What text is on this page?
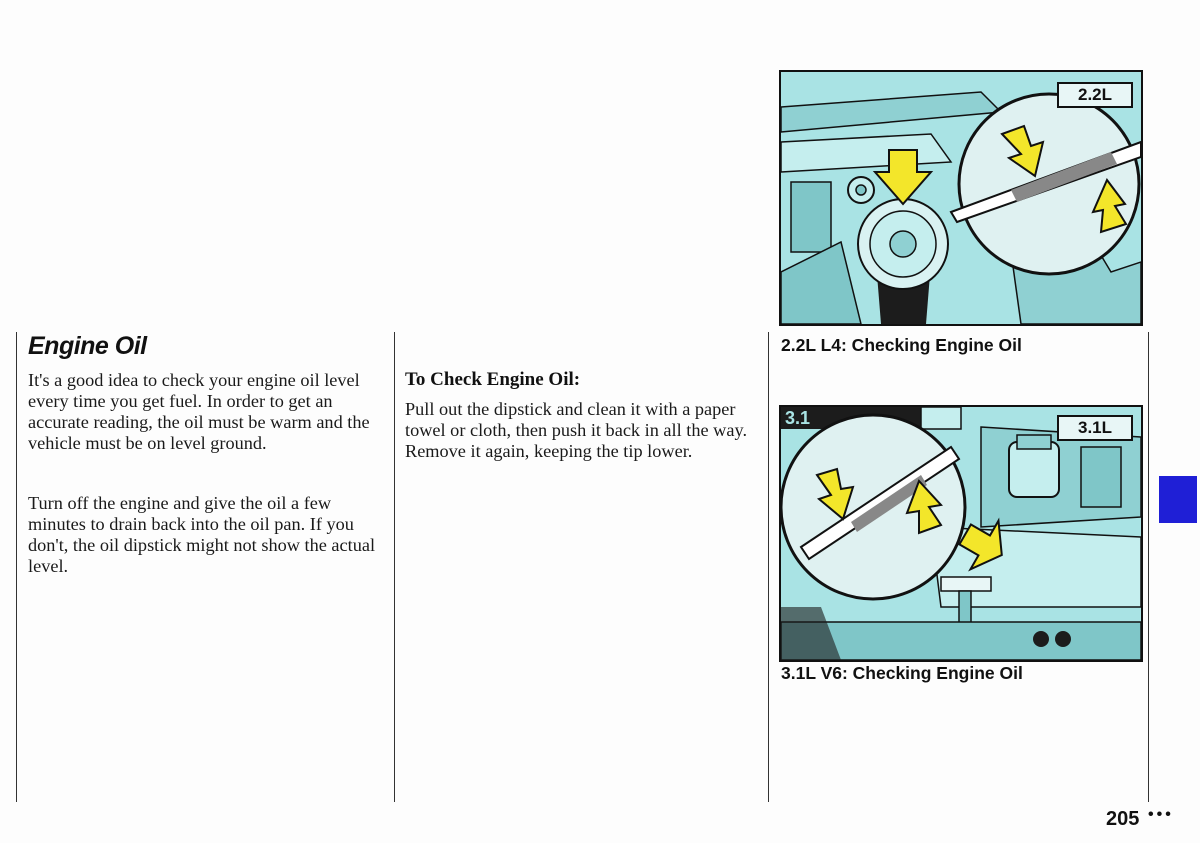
Engine Oil

It's a good idea to check your engine oil level every time you get fuel. In order to get an accurate reading, the oil must be warm and the vehicle must be on level ground.

Turn off the engine and give the oil a few minutes to drain back into the oil pan. If you don't, the oil dipstick might not show the actual level.

To Check Engine Oil:

Pull out the dipstick and clean it with a paper towel or cloth, then push it back in all the way. Remove it again, keeping the tip lower.

2.2L

2.2L L4: Checking Engine Oil

3.1	3.1L

3.1L V6: Checking Engine Oil

205 •••
